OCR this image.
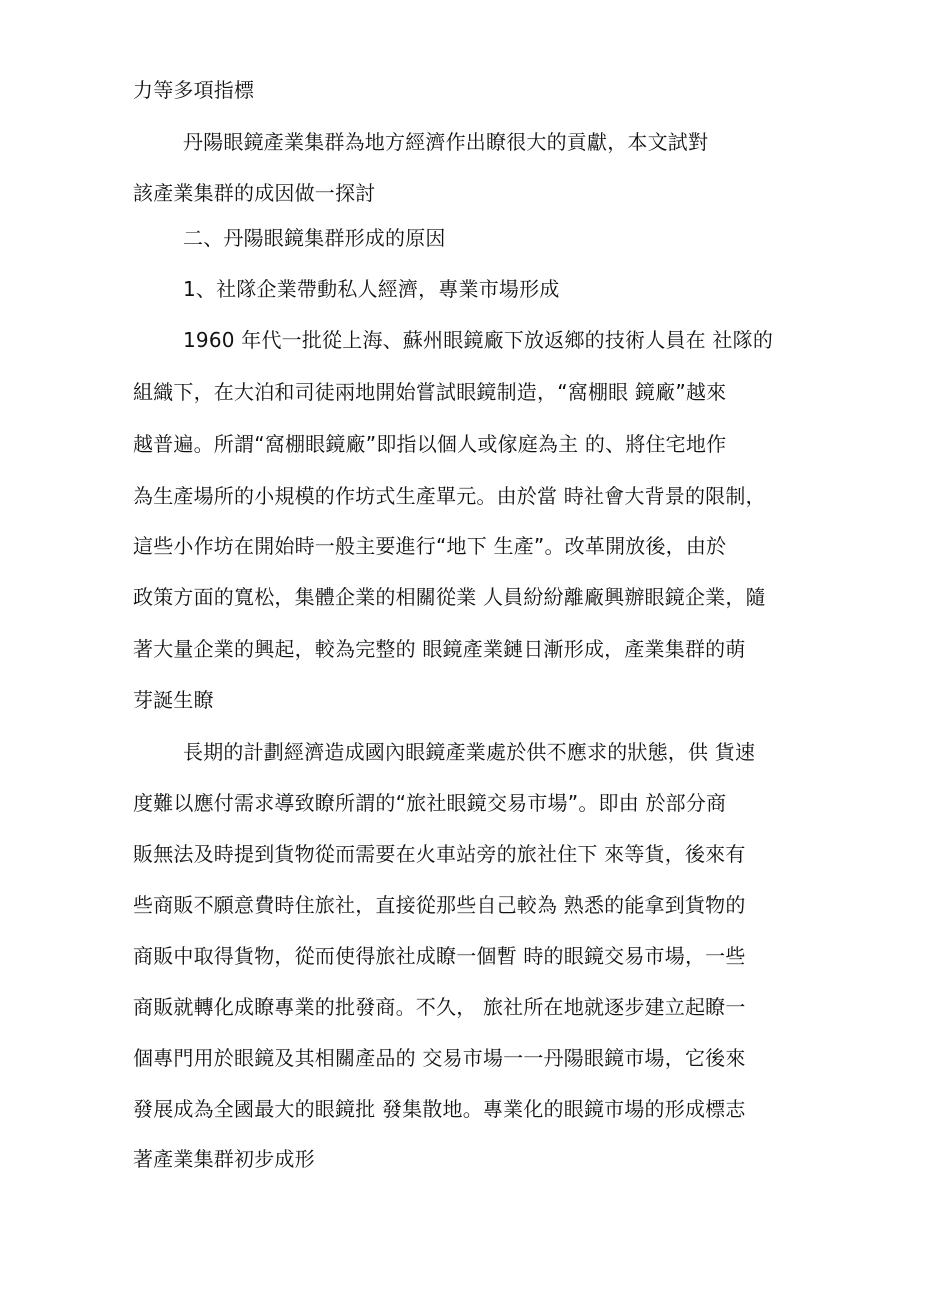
力等多項指標
丹陽眼鏡產業集群為地方經濟作出瞭很大的貢獻，本文試對
該產業集群的成因做一探討
二、丹陽眼鏡集群形成的原因
1、社隊企業帶動私人經濟，專業市場形成
1960 年代一批從上海、蘇州眼鏡廠下放返鄉的技術人員在 社隊的
組織下，在大泊和司徒兩地開始嘗試眼鏡制造，“窩棚眼 鏡廠”越來
越普遍。所謂“窩棚眼鏡廠”即指以個人或傢庭為主 的、將住宅地作
為生產場所的小規模的作坊式生產單元。由於當 時社會大背景的限制，
這些小作坊在開始時一般主要進行“地下 生產”。改革開放後，由於
政策方面的寬松，集體企業的相關從業 人員紛紛離廠興辦眼鏡企業，隨
著大量企業的興起，較為完整的 眼鏡產業鏈日漸形成，產業集群的萌
芽誕生瞭
長期的計劃經濟造成國內眼鏡產業處於供不應求的狀態，供 貨速
度難以應付需求導致瞭所謂的“旅社眼鏡交易市場”。即由 於部分商
販無法及時提到貨物從而需要在火車站旁的旅社住下 來等貨，後來有
些商販不願意費時住旅社，直接從那些自己較為 熟悉的能拿到貨物的
商販中取得貨物，從而使得旅社成瞭一個暫 時的眼鏡交易市場，一些
商販就轉化成瞭專業的批發商。不久， 旅社所在地就逐步建立起瞭一
個專門用於眼鏡及其相關產品的 交易市場一一丹陽眼鏡市場，它後來
發展成為全國最大的眼鏡批 發集散地。專業化的眼鏡市場的形成標志
著產業集群初步成形
